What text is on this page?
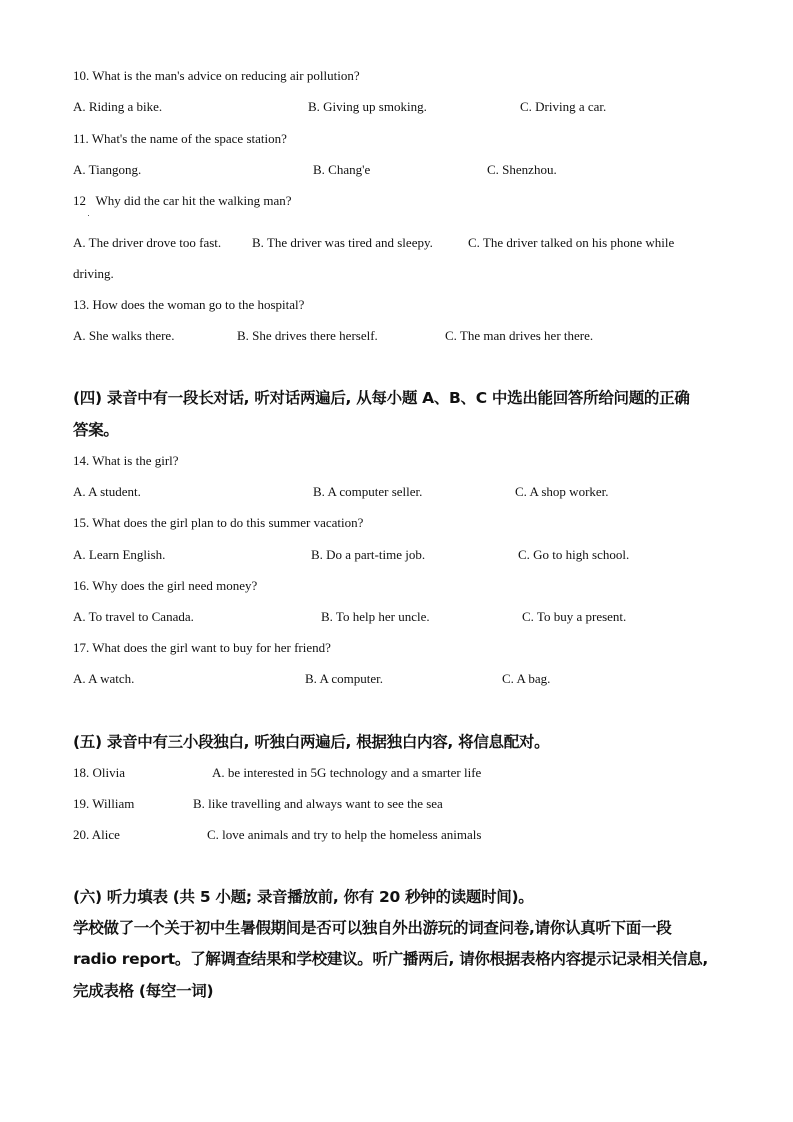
10. What is the man's advice on reducing air pollution?
A. Riding a bike.	B. Giving up smoking.	C. Driving a car.
11. What's the name of the space station?
A. Tiangong.	B. Chang'e	C. Shenzhou.
12   Why did the car hit the walking man?
A. The driver drove too fast. B. The driver was tired and sleepy.	C. The driver talked on his phone while
driving.
13. How does the woman go to the hospital?
A. She walks there.	B. She drives there herself.	C. The man drives her there.
(四) 录音中有一段长对话, 听对话两遍后, 从每小题 A、B、C 中选出能回答所给问题的正确
答案。
14. What is the girl?
A. A student.	B. A computer seller.	C. A shop worker.
15. What does the girl plan to do this summer vacation?
A. Learn English.	B. Do a part-time job.	C. Go to high school.
16. Why does the girl need money?
A. To travel to Canada.	B. To help her uncle.	C. To buy a present.
17. What does the girl want to buy for her friend?
A. A watch.	B. A computer.	C. A bag.
(五) 录音中有三小段独白, 听独白两遍后, 根据独白内容, 将信息配对。
18. Olivia	A. be interested in 5G technology and a smarter life
19. William	B. like travelling and always want to see the sea
20. Alice	C. love animals and try to help the homeless animals
(六) 听力填表 (共 5 小题; 录音播放前, 你有 20 秒钟的读题时间)。
学校做了一个关于初中生暑假期间是否可以独自外出游玩的词查问卷,请你认真听下面一段
radio report。了解调查结果和学校建议。听广播两后, 请你根据表格内容提示记录相关信息,
完成表格 (每空一词)
